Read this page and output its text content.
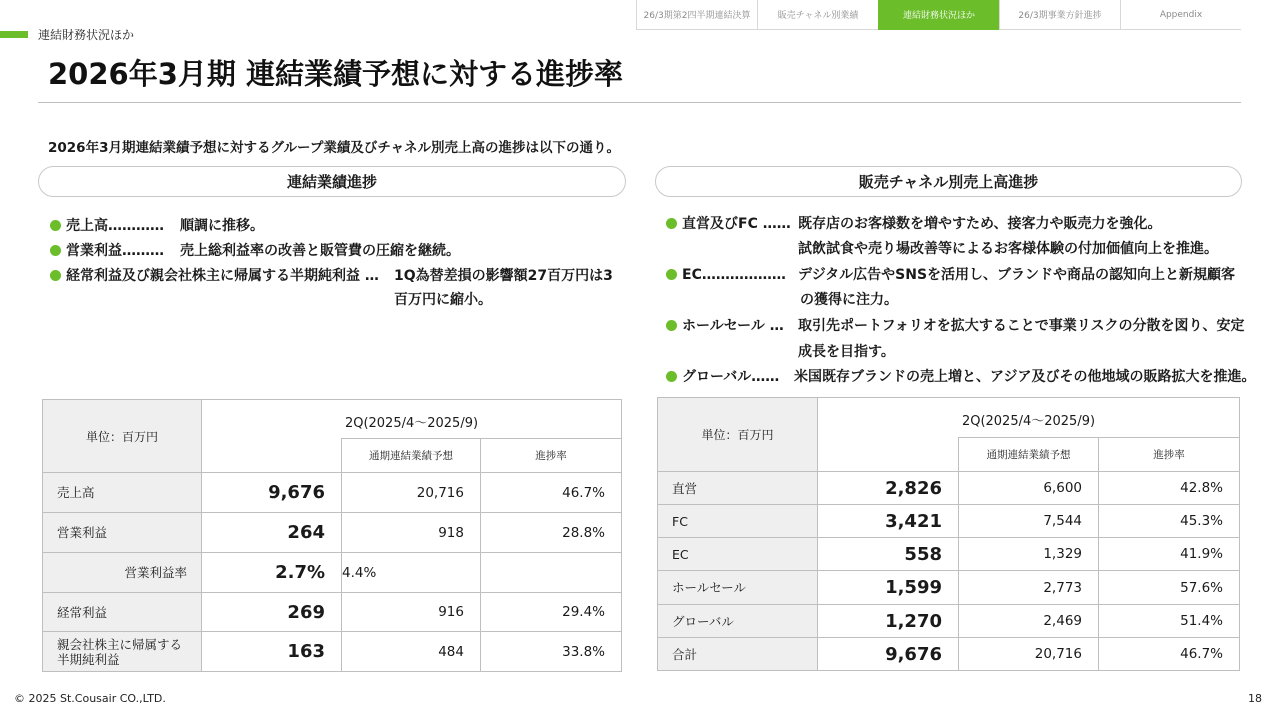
26/3期第2四半期連結決算	販売チャネル別業績	連結財務状況ほか	26/3期事業方針進捗	Appendix
連結財務状況ほか
2026年3月期 連結業績予想に対する進捗率
2026年3月期連結業績予想に対するグループ業績及びチャネル別売上高の進捗は以下の通り。
連結業績進捗	販売チャネル別売上高進捗
売上高………… 順調に推移。
営業利益……… 売上総利益率の改善と販管費の圧縮を継続。
経常利益及び親会社株主に帰属する半期純利益 … 1Q為替差損の影響額27百万円は3
百万円に縮小。
直営及びFC …… 既存店のお客様数を増やすため、接客力や販売力を強化。
試飲試食や売り場改善等によるお客様体験の付加価値向上を推進。
EC……………… デジタル広告やSNSを活用し、ブランドや商品の認知向上と新規顧客
の獲得に注力。
ホールセール … 取引先ポートフォリオを拡大することで事業リスクの分散を図り、安定
成長を目指す。
グローバル…… 米国既存ブランドの売上増と、アジア及びその他地域の販路拡大を推進。
単位：百万円	2Q(2025/4～2025/9)		
		通期連結業績予想	進捗率
売上高	9,676	20,716	46.7%
営業利益	264	918	28.8%
営業利益率	2.7%	4.4%	
経常利益	269	916	29.4%

親会社株主に帰属する
半期純利益	163	484	33.8%
単位：百万円	2Q(2025/4～2025/9)		
		通期連結業績予想	進捗率
直営	2,826	6,600	42.8%
FC	3,421	7,544	45.3%
EC	558	1,329	41.9%
ホールセール	1,599	2,773	57.6%
グローバル	1,270	2,469	51.4%
合計	9,676	20,716	46.7%
© 2025 St.Cousair CO.,LTD.	18
